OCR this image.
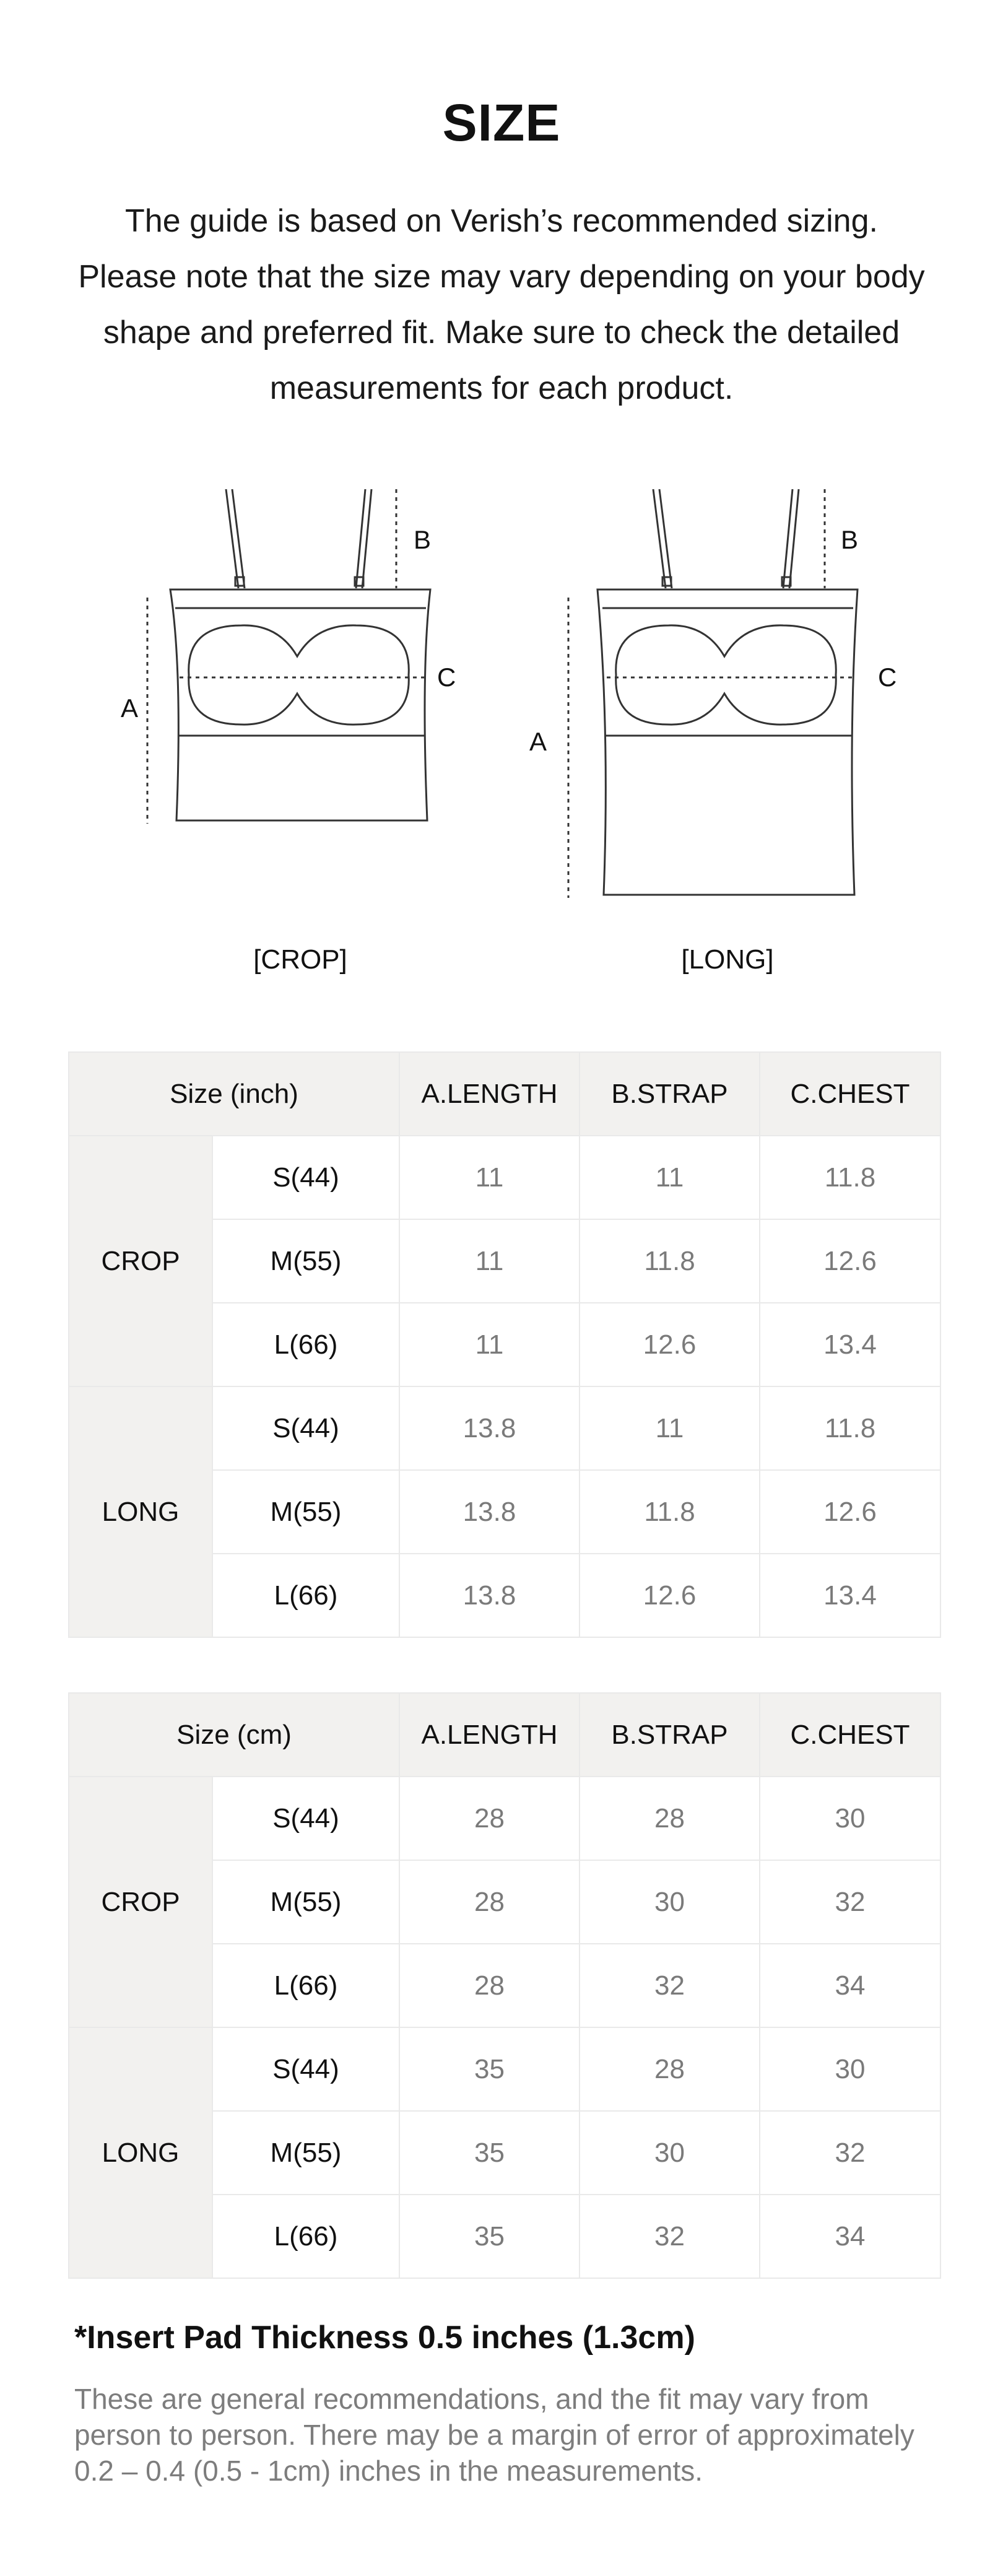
SIZE

The guide is based on Verish’s recommended sizing. Please note that the size may vary depending on your body shape and preferred fit. Make sure to check the detailed measurements for each product.

A
B
C
A
B
C
[CROP]	[LONG]
Size (inch)		A.LENGTH	B.STRAP	C.CHEST
CROP	S(44)	11	11	11.8
	M(55)	11	11.8	12.6
	L(66)	11	12.6	13.4
LONG	S(44)	13.8	11	11.8
	M(55)	13.8	11.8	12.6
	L(66)	13.8	12.6	13.4
Size (cm)		A.LENGTH	B.STRAP	C.CHEST
CROP	S(44)	28	28	30
	M(55)	28	30	32
	L(66)	28	32	34
LONG	S(44)	35	28	30
	M(55)	35	30	32
	L(66)	35	32	34
*Insert Pad Thickness 0.5 inches (1.3cm)

These are general recommendations, and the fit may vary from person to person. There may be a margin of error of approximately 0.2 – 0.4 (0.5 - 1cm) inches in the measurements.
